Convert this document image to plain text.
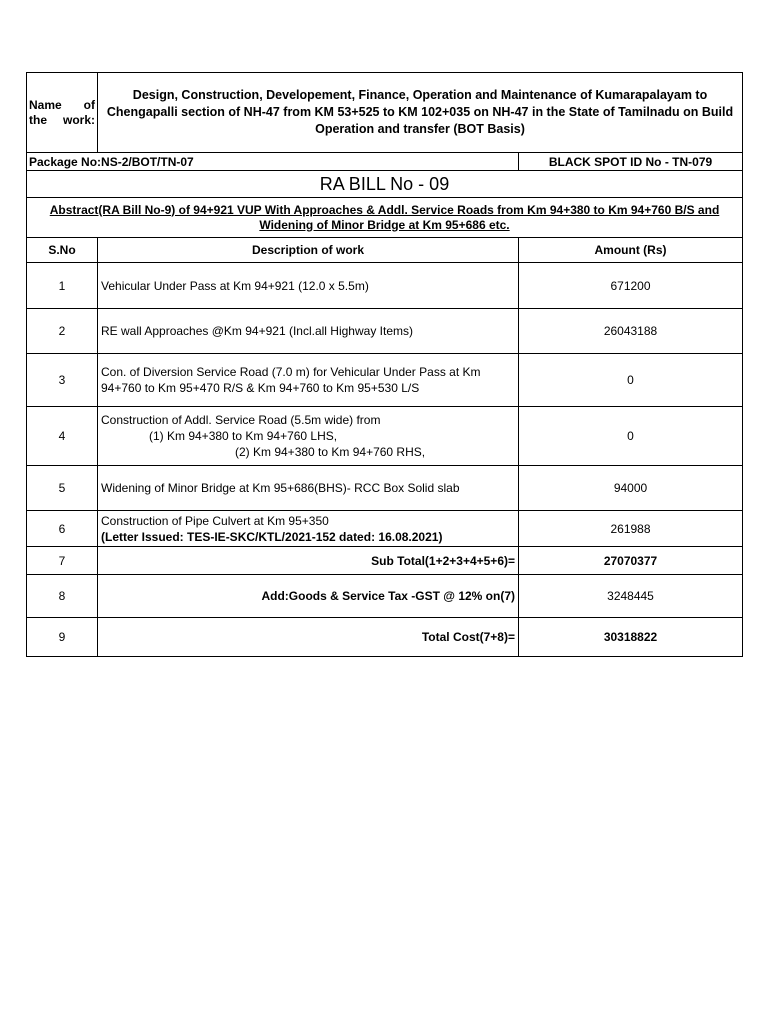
Name of the work:	Design, Construction, Developement, Finance, Operation and Maintenance of Kumarapalayam to Chengapalli section of NH-47 from KM 53+525 to KM 102+035 on NH-47 in the State of Tamilnadu on Build Operation and transfer (BOT Basis)	
Package No:NS-2/BOT/TN-07		BLACK SPOT ID No - TN-079
RA BILL No - 09		
Abstract(RA Bill No-9) of 94+921 VUP With Approaches & Addl. Service Roads from Km 94+380 to Km 94+760 B/S and Widening of Minor Bridge at Km 95+686 etc.		
S.No	Description of work	Amount (Rs)
1	Vehicular Under Pass at Km 94+921 (12.0 x 5.5m)	671200
2	RE wall Approaches @Km 94+921 (Incl.all Highway Items)	26043188
3	Con. of Diversion Service Road (7.0 m) for Vehicular Under Pass at Km 94+760 to Km 95+470 R/S & Km 94+760 to Km 95+530 L/S	0
4	Construction of Addl. Service Road (5.5m wide) from
(1) Km 94+380 to Km 94+760 LHS,
(2) Km 94+380 to Km 94+760 RHS,	0
5	Widening of Minor Bridge at Km 95+686(BHS)- RCC Box Solid slab	94000
6	Construction of Pipe Culvert at Km 95+350
(Letter Issued: TES-IE-SKC/KTL/2021-152 dated: 16.08.2021)	261988
7	Sub Total(1+2+3+4+5+6)=	27070377
8	Add:Goods & Service Tax -GST @ 12% on(7)	3248445
9	Total Cost(7+8)=	30318822
